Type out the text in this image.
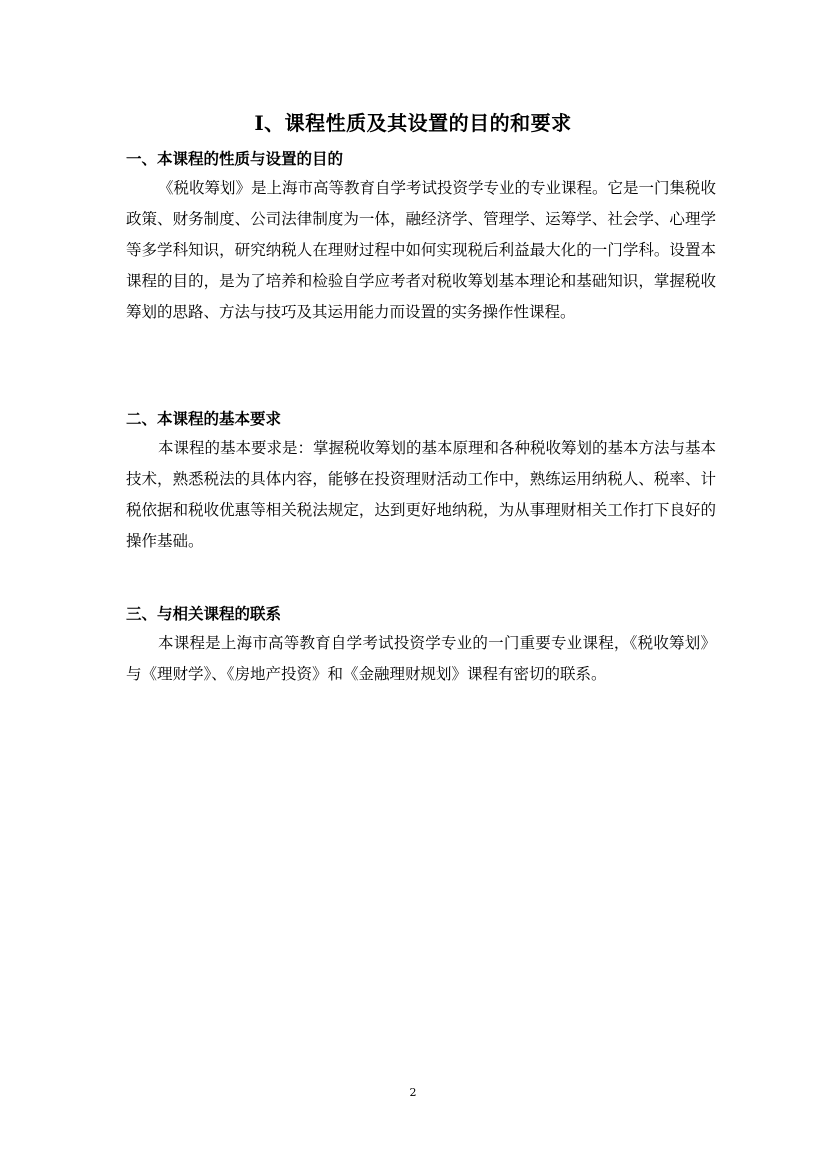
Ⅰ、课程性质及其设置的目的和要求
一、本课程的性质与设置的目的

《税收筹划》是上海市高等教育自学考试投资学专业的专业课程。它是一门集税收政策、财务制度、公司法律制度为一体，融经济学、管理学、运筹学、社会学、心理学等多学科知识，研究纳税人在理财过程中如何实现税后利益最大化的一门学科。设置本课程的目的，是为了培养和检验自学应考者对税收筹划基本理论和基础知识，掌握税收筹划的思路、方法与技巧及其运用能力而设置的实务操作性课程。

二、本课程的基本要求

本课程的基本要求是：掌握税收筹划的基本原理和各种税收筹划的基本方法与基本技术，熟悉税法的具体内容，能够在投资理财活动工作中，熟练运用纳税人、税率、计税依据和税收优惠等相关税法规定，达到更好地纳税，为从事理财相关工作打下良好的操作基础。

三、与相关课程的联系

本课程是上海市高等教育自学考试投资学专业的一门重要专业课程，《税收筹划》与《理财学》、《房地产投资》和《金融理财规划》课程有密切的联系。

2
